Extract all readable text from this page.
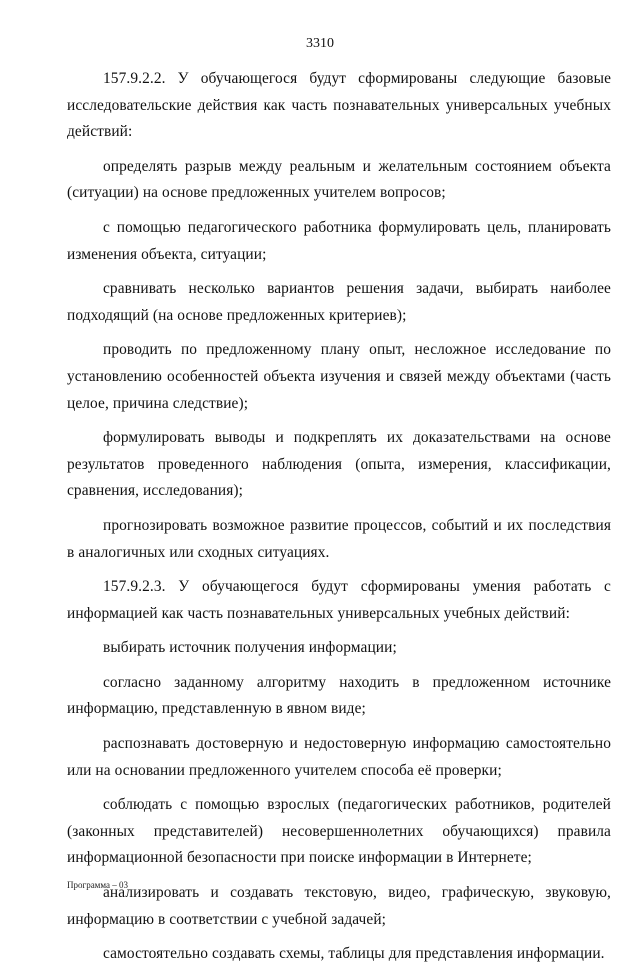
3310

157.9.2.2. У обучающегося будут сформированы следующие базовые исследовательские действия как часть познавательных универсальных учебных действий:

определять разрыв между реальным и желательным состоянием объекта (ситуации) на основе предложенных учителем вопросов;

с помощью педагогического работника формулировать цель, планировать изменения объекта, ситуации;

сравнивать несколько вариантов решения задачи, выбирать наиболее подходящий (на основе предложенных критериев);

проводить по предложенному плану опыт, несложное исследование по установлению особенностей объекта изучения и связей между объектами (часть целое, причина следствие);

формулировать выводы и подкреплять их доказательствами на основе результатов проведенного наблюдения (опыта, измерения, классификации, сравнения, исследования);

прогнозировать возможное развитие процессов, событий и их последствия в аналогичных или сходных ситуациях.

157.9.2.3. У обучающегося будут сформированы умения работать с информацией как часть познавательных универсальных учебных действий:

выбирать источник получения информации;

согласно заданному алгоритму находить в предложенном источнике информацию, представленную в явном виде;

распознавать достоверную и недостоверную информацию самостоятельно или на основании предложенного учителем способа её проверки;

соблюдать с помощью взрослых (педагогических работников, родителей (законных представителей) несовершеннолетних обучающихся) правила информационной безопасности при поиске информации в Интернете;

анализировать и создавать текстовую, видео, графическую, звуковую, информацию в соответствии с учебной задачей;

самостоятельно создавать схемы, таблицы для представления информации.

Программа – 03
